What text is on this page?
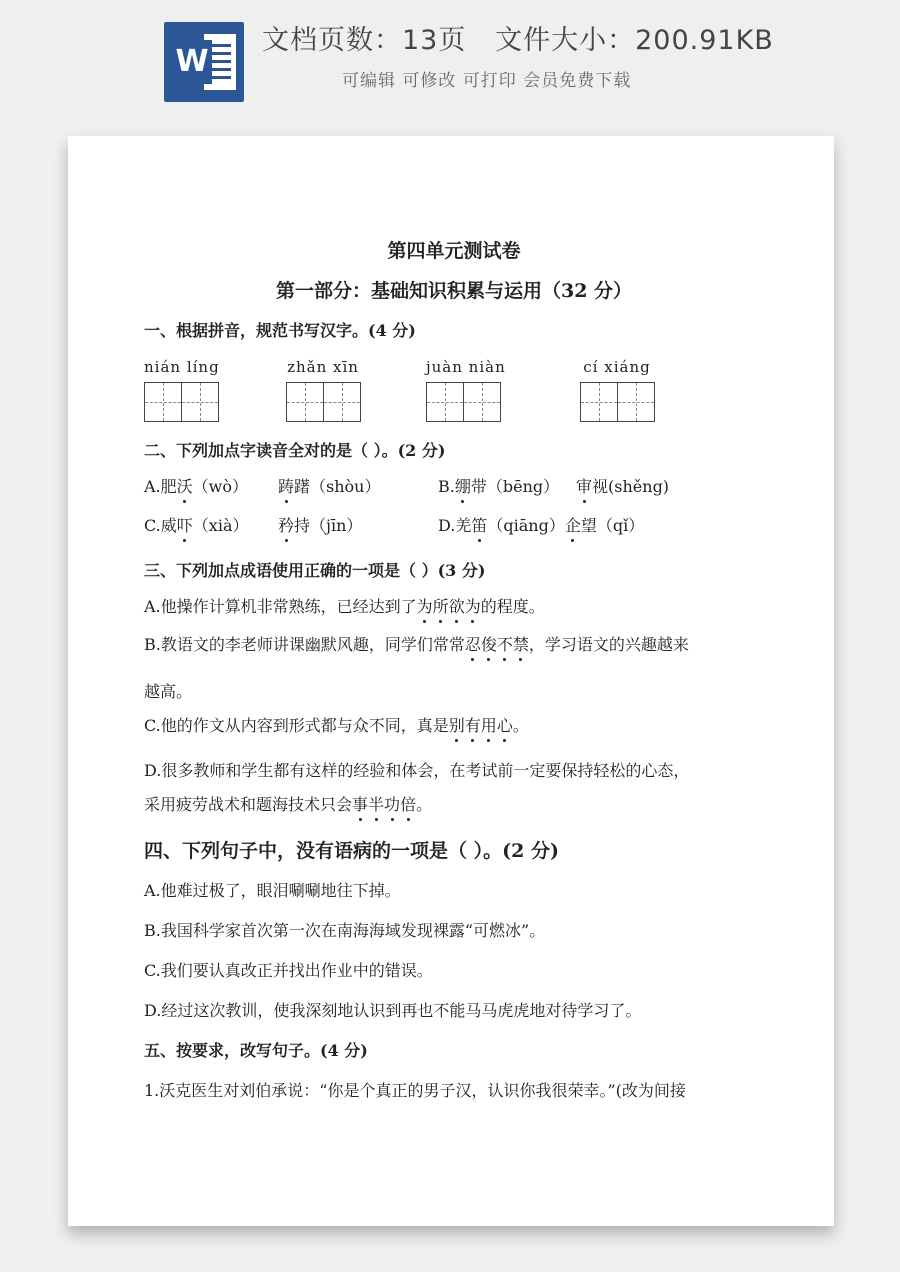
W
文档页数：13页   文件大小：200.91KB
可编辑 可修改 可打印 会员免费下载
第四单元测试卷
第一部分：基础知识积累与运用（32 分）
一、根据拼音，规范书写汉字。(4 分)
nián líng	zhǎn xīn	juàn niàn	cí xiáng
二、下列加点字读音全对的是（ ）。(2 分)
A.肥沃（wò） 踌躇（shòu）	B.绷带（bēng） 审视(shěng)
C.威吓（xià） 矜持（jīn）	D.羌笛（qiāng）企望（qǐ）
三、下列加点成语使用正确的一项是（ ）(3 分)
A.他操作计算机非常熟练，已经达到了为所欲为的程度。
B.教语文的李老师讲课幽默风趣，同学们常常忍俊不禁，学习语文的兴趣越来
越高。
C.他的作文从内容到形式都与众不同，真是别有用心。
D.很多教师和学生都有这样的经验和体会，在考试前一定要保持轻松的心态，
采用疲劳战术和题海技术只会事半功倍。
四、下列句子中，没有语病的一项是（ ）。(2 分)
A.他难过极了，眼泪唰唰地往下掉。
B.我国科学家首次第一次在南海海域发现裸露“可燃冰”。
C.我们要认真改正并找出作业中的错误。
D.经过这次教训，使我深刻地认识到再也不能马马虎虎地对待学习了。
五、按要求，改写句子。(4 分)
1.沃克医生对刘伯承说：“你是个真正的男子汉，认识你我很荣幸。”(改为间接
